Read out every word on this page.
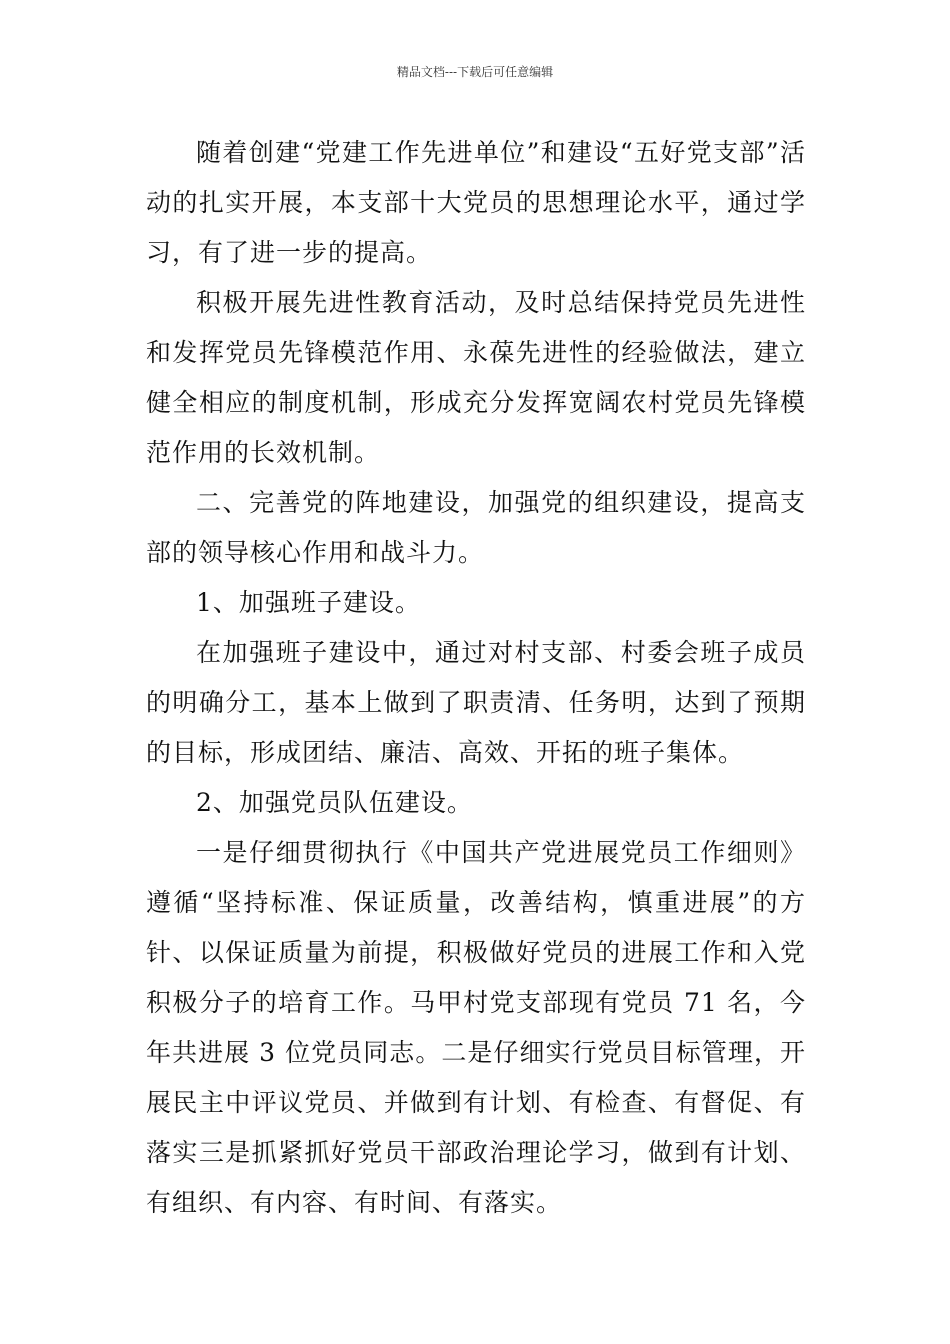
精品文档---下载后可任意编辑

随着创建“党建工作先进单位”和建设“五好党支部”活动的扎实开展，本支部十大党员的思想理论水平，通过学习，有了进一步的提高。

积极开展先进性教育活动，及时总结保持党员先进性和发挥党员先锋模范作用、永葆先进性的经验做法，建立健全相应的制度机制，形成充分发挥宽阔农村党员先锋模范作用的长效机制。

二、完善党的阵地建设，加强党的组织建设，提高支部的领导核心作用和战斗力。

1、加强班子建设。

在加强班子建设中，通过对村支部、村委会班子成员的明确分工，基本上做到了职责清、任务明，达到了预期的目标，形成团结、廉洁、高效、开拓的班子集体。

2、加强党员队伍建设。

一是仔细贯彻执行《中国共产党进展党员工作细则》遵循“坚持标准、保证质量，改善结构，慎重进展”的方针、以保证质量为前提，积极做好党员的进展工作和入党积极分子的培育工作。马甲村党支部现有党员 71 名，今年共进展 3 位党员同志。二是仔细实行党员目标管理，开展民主中评议党员、并做到有计划、有检查、有督促、有落实三是抓紧抓好党员干部政治理论学习，做到有计划、有组织、有内容、有时间、有落实。
